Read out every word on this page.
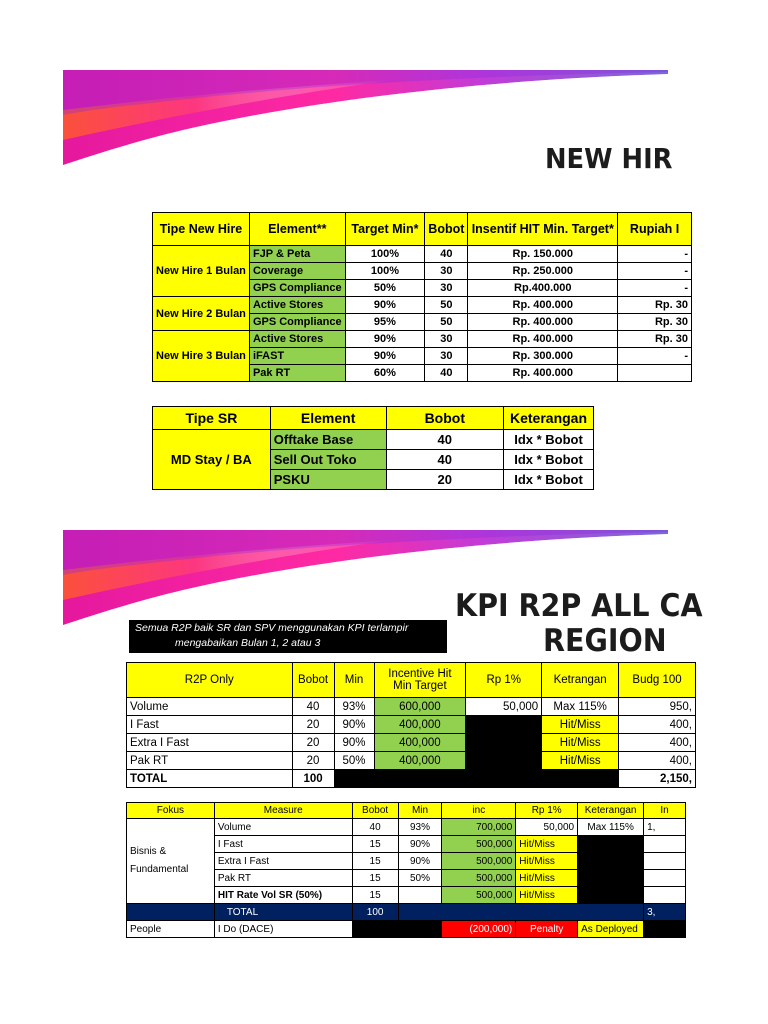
NEW HIR
Tipe New Hire	Element**	Target Min*	Bobot	Insentif HIT Min. Target*	Rupiah I
New Hire 1 Bulan	FJP & Peta	100%	40	Rp. 150.000	-
	Coverage	100%	30	Rp. 250.000	-
	GPS Compliance	50%	30	Rp.400.000	-
New Hire 2 Bulan	Active Stores	90%	50	Rp. 400.000	Rp. 30
	GPS Compliance	95%	50	Rp. 400.000	Rp. 30
New Hire 3 Bulan	Active Stores	90%	30	Rp. 400.000	Rp. 30
	iFAST	90%	30	Rp. 300.000	-
	Pak RT	60%	40	Rp. 400.000	
Tipe SR	Element	Bobot	Keterangan
MD Stay / BA	Offtake Base	40	Idx * Bobot
	Sell Out Toko	40	Idx * Bobot
	PSKU	20	Idx * Bobot
KPI R2P ALL CA
REGION
Semua R2P baik SR dan SPV menggunakan KPI terlampir
mengabaikan Bulan 1, 2 atau 3
R2P Only	Bobot	Min	Incentive Hit Min Target	Rp 1%	Ketrangan	Budg 100
Volume	40	93%	600,000	50,000	Max 115%	950,
I Fast	20	90%	400,000		Hit/Miss	400,
Extra I Fast	20	90%	400,000		Hit/Miss	400,
Pak RT	20	50%	400,000		Hit/Miss	400,
TOTAL	100					2,150,
Fokus	Measure	Bobot	Min	inc	Rp 1%	Keterangan	In
Bisnis & Fundamental	Volume	40	93%	700,000	50,000	Max 115%	1,
	I Fast	15	90%	500,000	Hit/Miss		
	Extra I Fast	15	90%	500,000	Hit/Miss		
	Pak RT	15	50%	500,000	Hit/Miss		
	HIT Rate Vol SR (50%)	15		500,000	Hit/Miss		
	TOTAL	100					3,
People	I Do (DACE)			(200,000)	Penalty	As Deployed	
